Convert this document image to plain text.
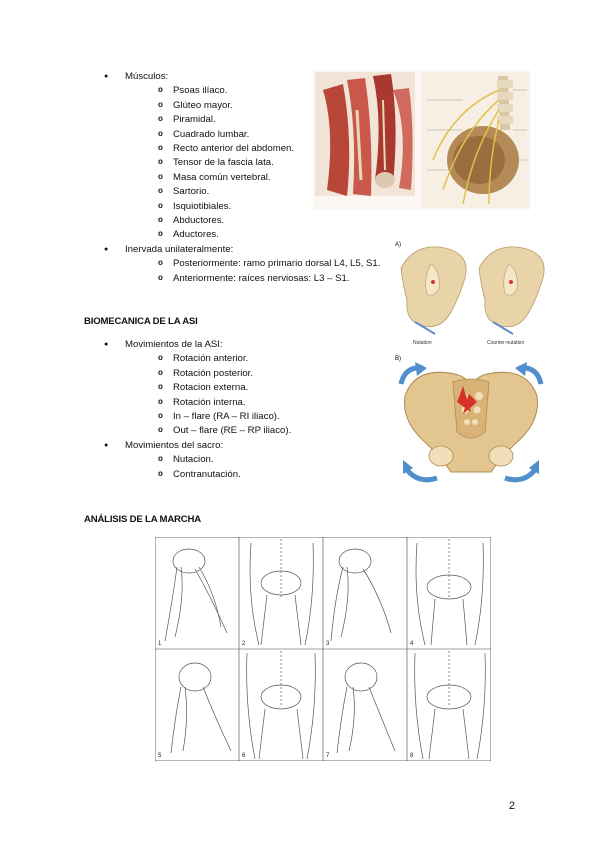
● Músculos:
o Psoas ilíaco.
o Glúteo mayor.
o Piramidal.
o Cuadrado lumbar.
o Recto anterior del abdomen.
o Tensor de la fascia lata.
o Masa común vertebral.
o Sartorio.
o Isquiotibiales.
o Abductores.
o Aductores.
● Inervada unilateralmente:
o Posteriormente: ramo primario dorsal L4, L5, S1.
o Anteriormente: raíces nerviosas: L3 – S1.
BIOMECANICA DE LA ASI
● Movimientos de la ASI:
o Rotación anterior.
o Rotación posterior.
o Rotacion externa.
o Rotación interna.
o In – flare (RA – RI iliaco).
o Out – flare (RE – RP iliaco).
● Movimientos del sacro:
o Nutacion.
o Contranutación.
ANÁLISIS DE LA MARCHA
A)
Nutation	Counter-nutation
B)
1	2	3	4
5	6	7	8
2
